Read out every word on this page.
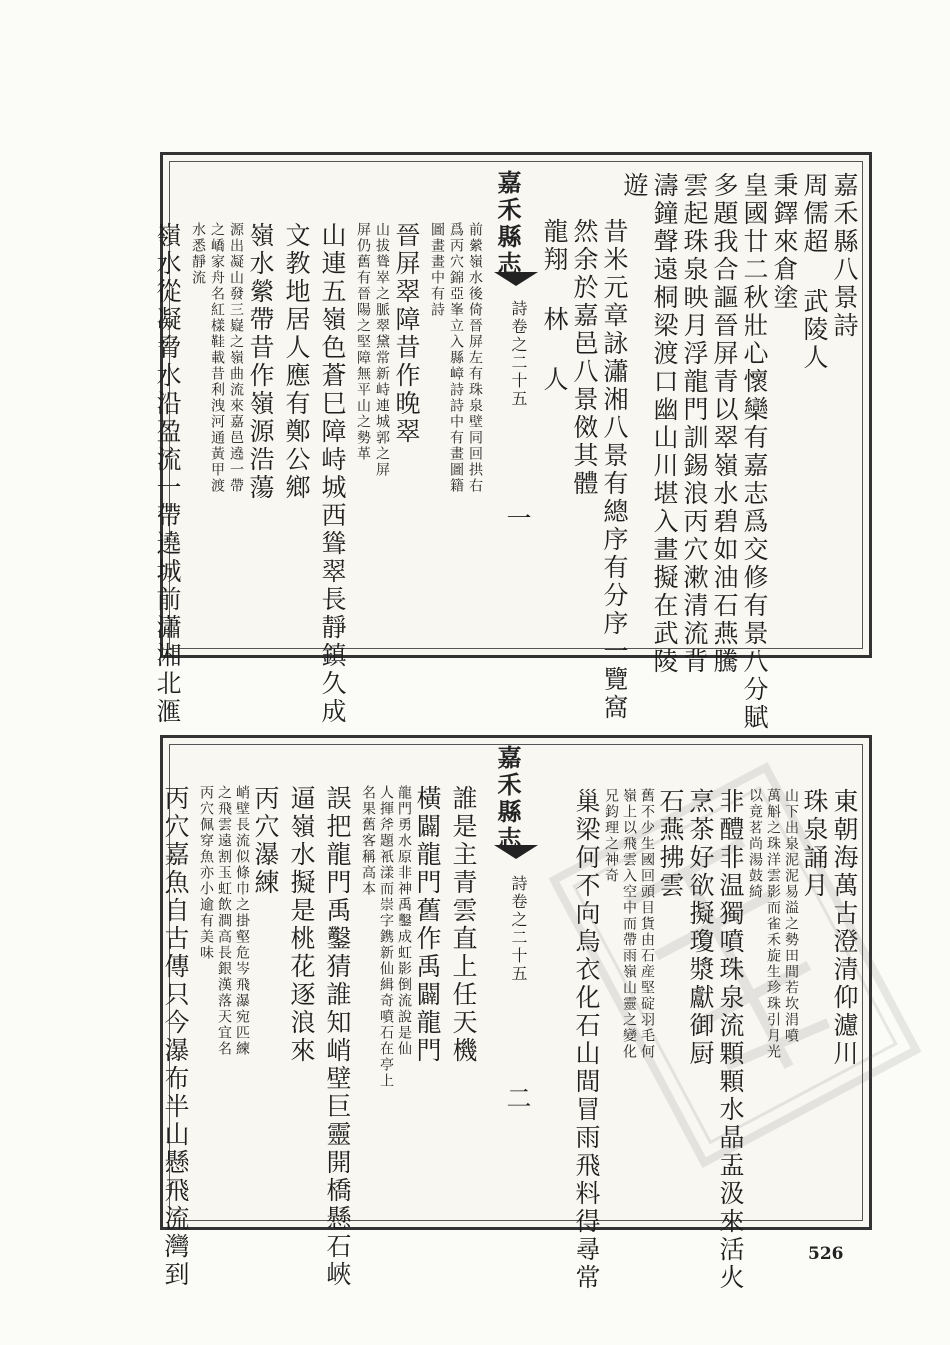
嘉禾縣八景詩
周儒超 武陵人
秉鐸來倉塗
皇國廿二秋壯心懷欒有嘉志爲交修有景八分賦
多題我合謳晉屏青以翠嶺水碧如油石燕騰
雲起珠泉映月浮龍門訓錫浪丙穴漱清流背
濤鐘聲遠桐梁渡口幽山川堪入畫擬在武陵
遊
昔米元章詠瀟湘八景有總序有分序一覽窩
然余於嘉邑八景傚其體
龍翔 林 人
前縈嶺水後倚晉屏左有珠泉壁同回拱右
爲丙穴錦亞峯立入縣嶂詩詩中有畫圖籍
圖畫畫中有詩
晉屏翠障昔作晚翠
山拔聳崒之脈翠黛常新峙連城郭之屏
屏仍舊有晉陽之堅障無平山之勢革
山連五嶺色蒼巳障峙城西聳翠長靜鎮久成
文教地居人應有鄭公鄉
嶺水縈帶昔作嶺源浩蕩
源出凝山發三嶷之嶺曲流來嘉邑遶一帶
之嶠家舟名紅樣鞋載昔利洩河通黃甲渡
水悉靜流
嶺水從凝脅水沿盈流一帶遶城前瀟湘北滙	嘉禾縣志
詩卷之二十五
一
東朝海萬古澄清仰濾川
珠泉誦月
山下出泉泥泥易溢之勢田間若坎涓噴
萬斛之珠洋雲影而雀禾旋生珍珠引月光
以竟茗尚湯鼓綺
非醴非温獨噴珠泉流顆顆水晶盂汲來活火
烹茶好欲擬瓊漿獻御厨
石燕拂雲
舊不少生國回頭目貨由石産堅碇羽毛何
嶺上以飛雲入空中而帶雨嶺山靈之變化
兄鈞理之神奇
巢梁何不向烏衣化石山間冒雨飛料得尋常
誰是主青雲直上任天機
橫闢龍門舊作禹闢龍門
龍門勇水原非神禹鑿成虹影倒流說是仙
人揮斧題衹漾而崇字鎸新仙緝奇噴石在亭上
名果舊客稱高本
誤把龍門禹鑿猜誰知峭壁巨靈開橋懸石峽
逼嶺水擬是桃花逐浪來
丙穴瀑練
峭壁長流似條巾之掛壑危岑飛瀑宛匹練
之飛雲遠割玉虹飲澗高長銀漢落天宜名
丙穴佩穿魚亦小逾有美味
丙穴嘉魚自古傳只今瀑布半山懸飛流灣到	嘉禾縣志
詩卷之二十五
二
526
